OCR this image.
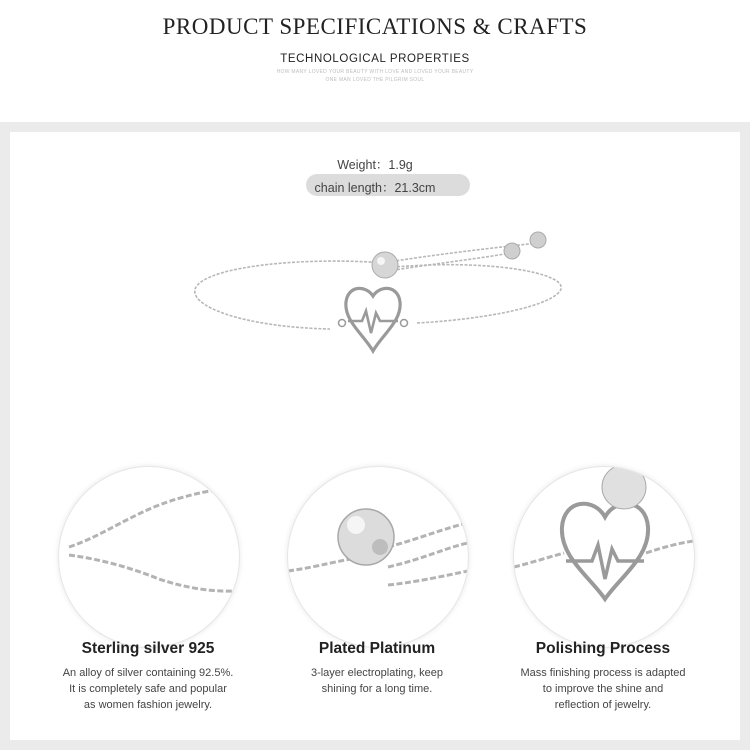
PRODUCT SPECIFICATIONS & CRAFTS
TECHNOLOGICAL PROPERTIES
HOW MANY LOVED YOUR BEAUTY WITH LOVE AND LOVED YOUR BEAUTY
ONE MAN LOVED THE PILGRIM SOUL
Weight：1.9g
chain length：21.3cm
Sterling silver 925
An alloy of silver containing 92.5%.
It is completely safe and popular
as women fashion jewelry.
Plated Platinum
3-layer electroplating, keep
shining for a long time.
Polishing Process
Mass finishing process is adapted
to improve the shine and
reflection of jewelry.
